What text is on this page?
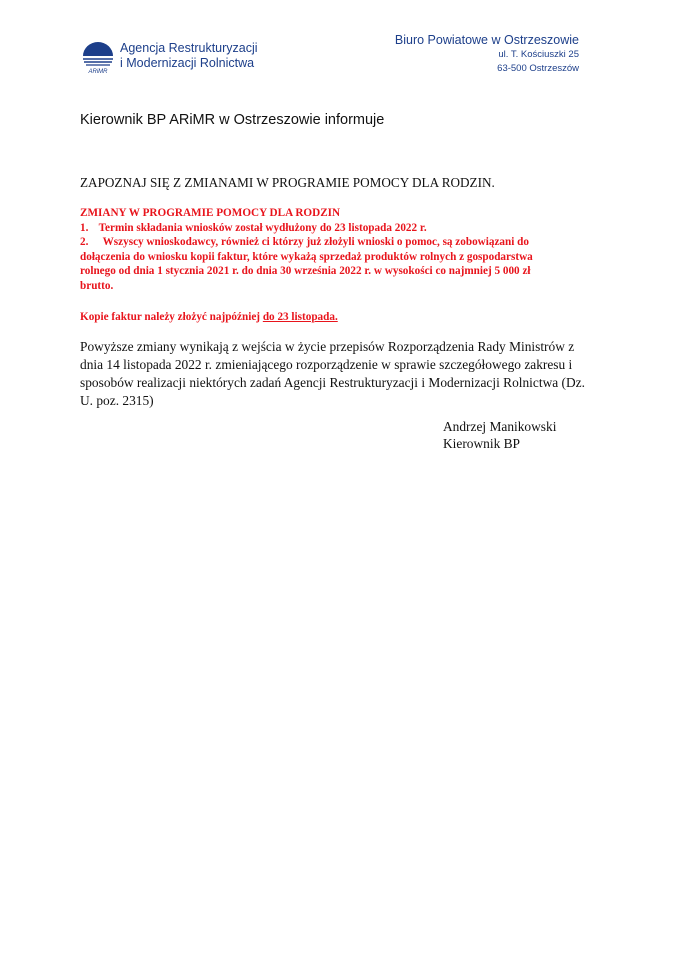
ARiMR
Agencja Restrukturyzacji
i Modernizacji Rolnictwa
Biuro Powiatowe w Ostrzeszowie
ul. T. Kościuszki 25
63-500 Ostrzeszów
Kierownik BP ARiMR w Ostrzeszowie informuje
ZAPOZNAJ SIĘ Z ZMIANAMI W PROGRAMIE POMOCY DLA RODZIN.
ZMIANY W PROGRAMIE POMOCY DLA RODZIN
1. Termin składania wniosków został wydłużony do 23 listopada 2022 r.
2. Wszyscy wnioskodawcy, również ci którzy już złożyli wnioski o pomoc, są zobowiązani do
dołączenia do wniosku kopii faktur, które wykażą sprzedaż produktów rolnych z gospodarstwa
rolnego od dnia 1 stycznia 2021 r. do dnia 30 września 2022 r. w wysokości co najmniej 5 000 zł
brutto.
Kopie faktur należy złożyć najpóźniej do 23 listopada.
Powyższe zmiany wynikają z wejścia w życie przepisów Rozporządzenia Rady Ministrów z
dnia 14 listopada 2022 r. zmieniającego rozporządzenie w sprawie szczegółowego zakresu i
sposobów realizacji niektórych zadań Agencji Restrukturyzacji i Modernizacji Rolnictwa (Dz.
U. poz. 2315)
Andrzej Manikowski
Kierownik BP
